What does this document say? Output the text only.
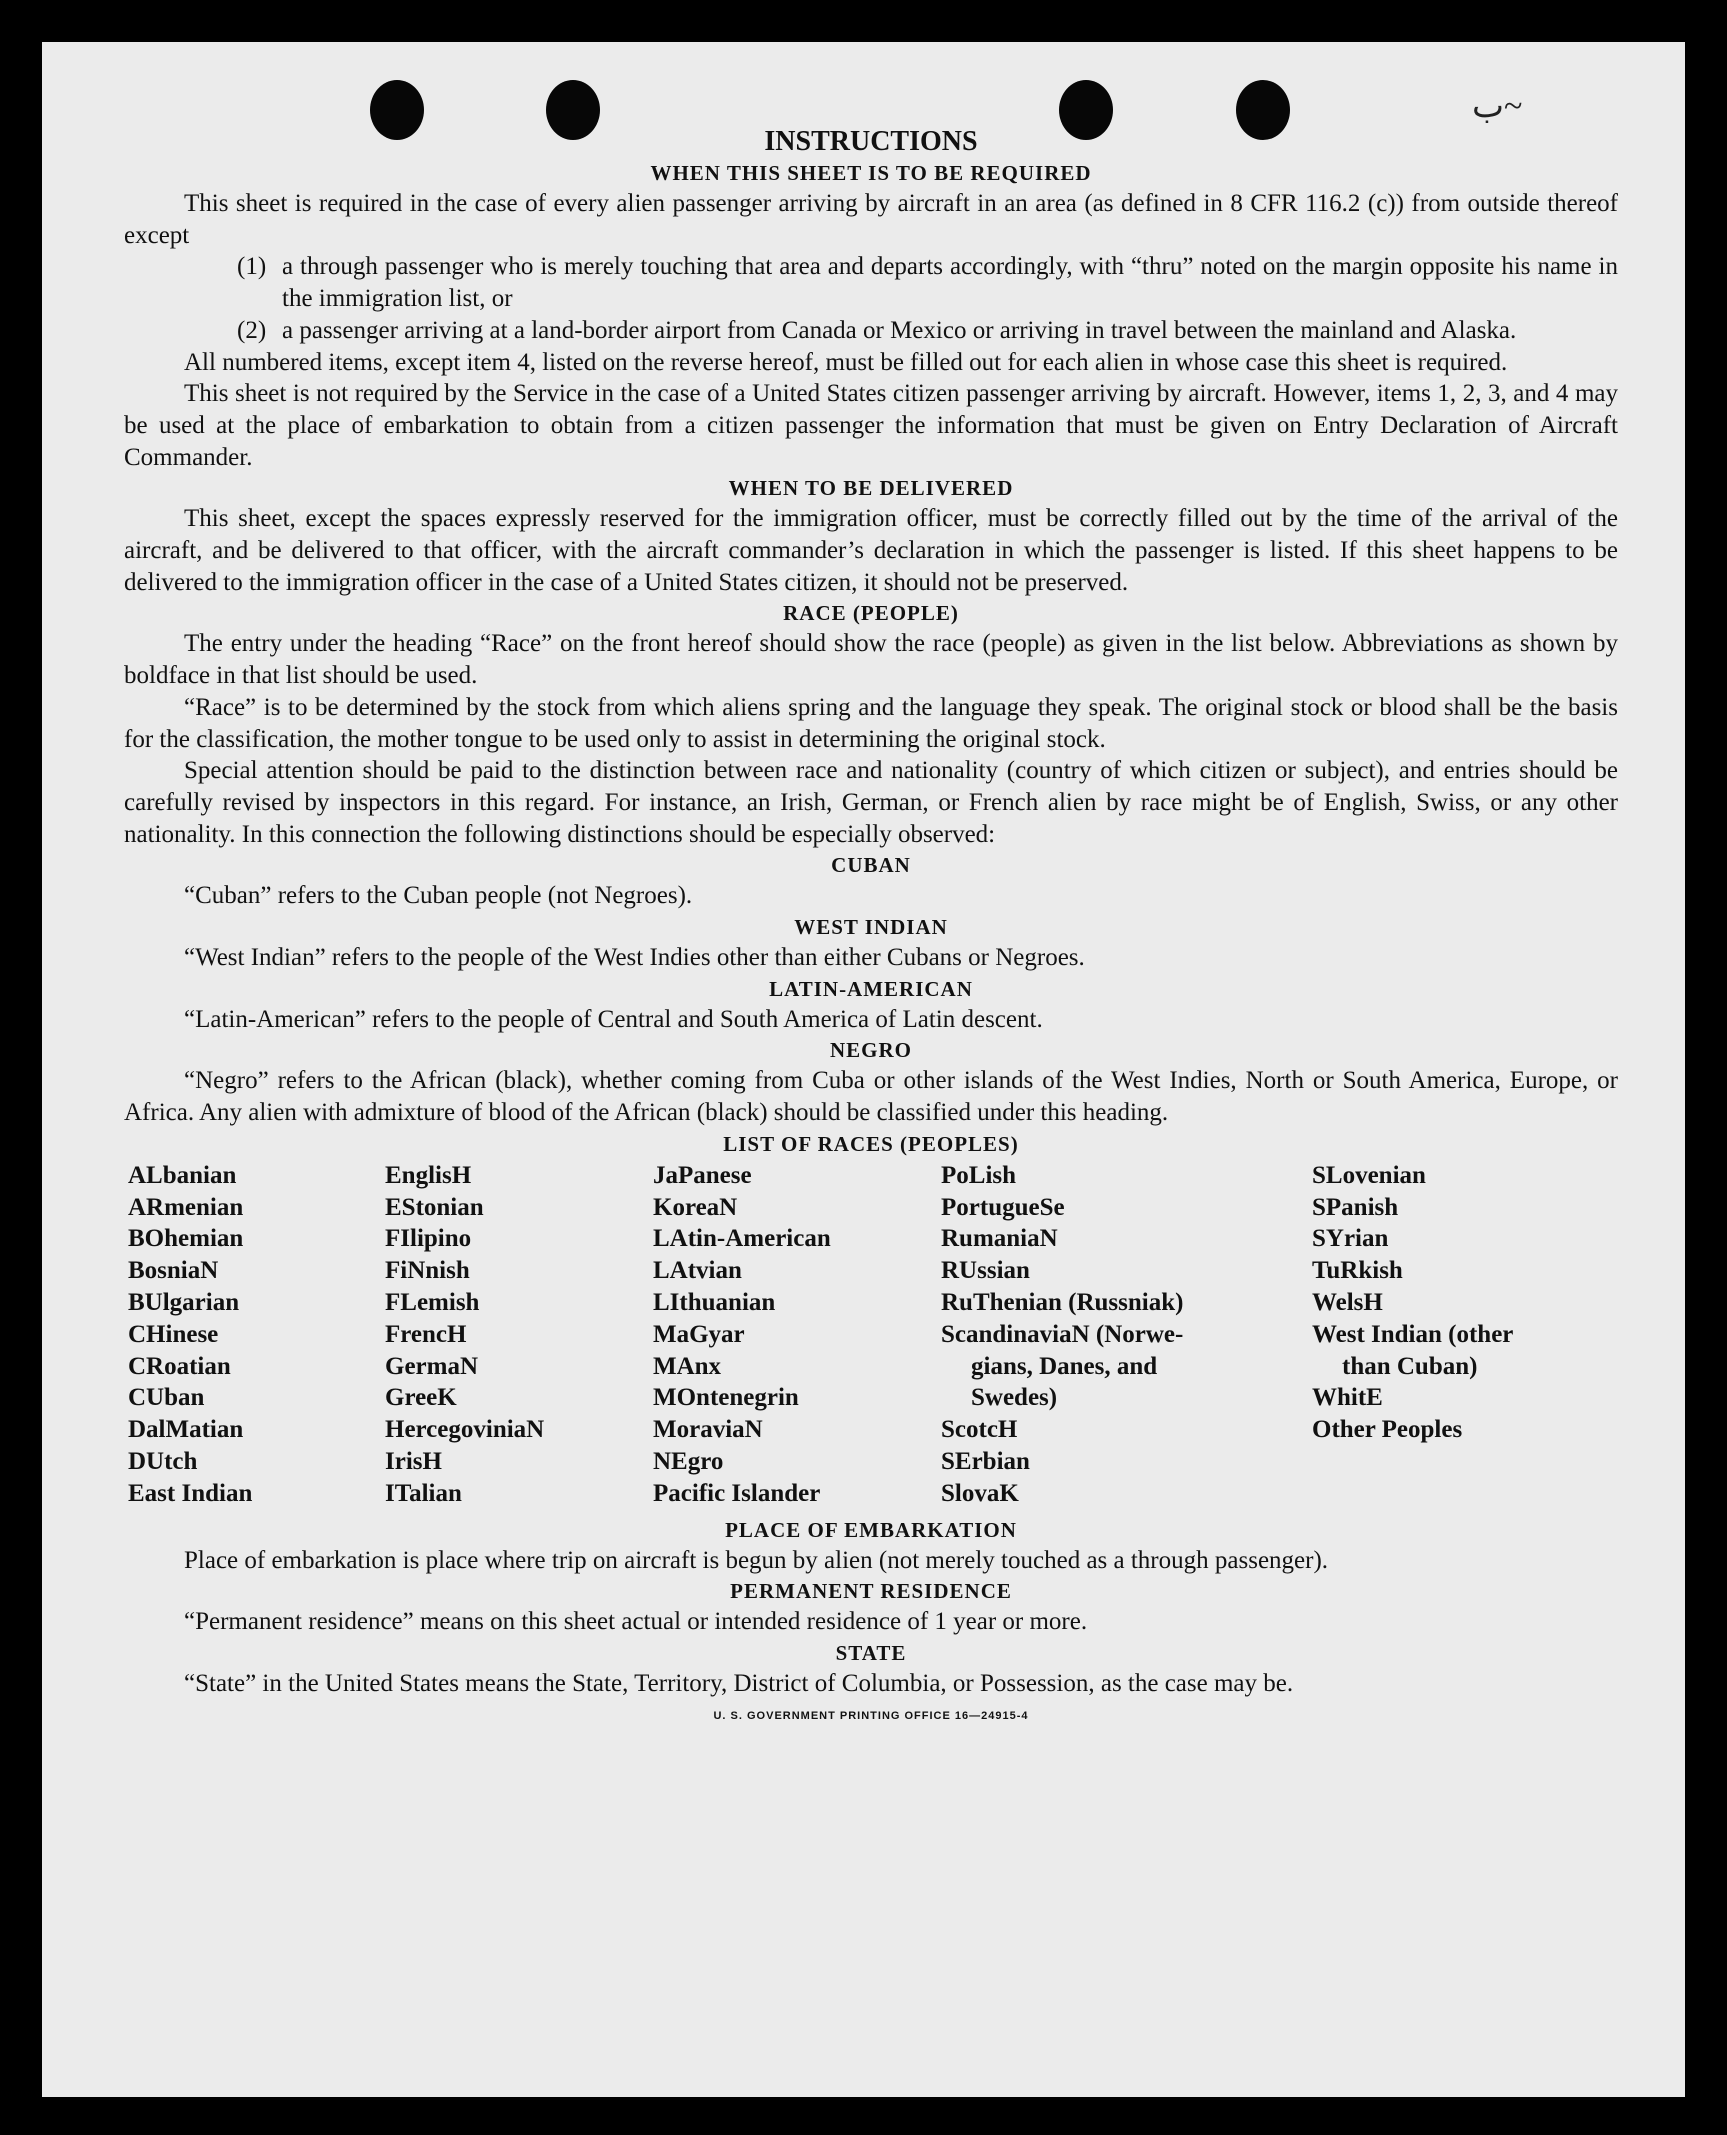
ب~
INSTRUCTIONS
WHEN THIS SHEET IS TO BE REQUIRED

This sheet is required in the case of every alien passenger arriving by aircraft in an area (as defined in 8 CFR 116.2 (c)) from outside thereof except

(1) a through passenger who is merely touching that area and departs accordingly, with “thru” noted on the margin opposite his name in the immigration list, or
(2) a passenger arriving at a land-border airport from Canada or Mexico or arriving in travel between the mainland and Alaska.

All numbered items, except item 4, listed on the reverse hereof, must be filled out for each alien in whose case this sheet is required.

This sheet is not required by the Service in the case of a United States citizen passenger arriving by aircraft. However, items 1, 2, 3, and 4 may be used at the place of embarkation to obtain from a citizen passenger the information that must be given on Entry Declaration of Aircraft Commander.

WHEN TO BE DELIVERED

This sheet, except the spaces expressly reserved for the immigration officer, must be correctly filled out by the time of the arrival of the aircraft, and be delivered to that officer, with the aircraft commander’s declaration in which the passenger is listed. If this sheet happens to be delivered to the immigration officer in the case of a United States citizen, it should not be preserved.

RACE (PEOPLE)

The entry under the heading “Race” on the front hereof should show the race (people) as given in the list below. Abbreviations as shown by boldface in that list should be used.

“Race” is to be determined by the stock from which aliens spring and the language they speak. The original stock or blood shall be the basis for the classification, the mother tongue to be used only to assist in determining the original stock.

Special attention should be paid to the distinction between race and nationality (country of which citizen or subject), and entries should be carefully revised by inspectors in this regard. For instance, an Irish, German, or French alien by race might be of English, Swiss, or any other nationality. In this connection the following distinctions should be especially observed:

CUBAN

“Cuban” refers to the Cuban people (not Negroes).

WEST INDIAN

“West Indian” refers to the people of the West Indies other than either Cubans or Negroes.

LATIN-AMERICAN

“Latin-American” refers to the people of Central and South America of Latin descent.

NEGRO

“Negro” refers to the African (black), whether coming from Cuba or other islands of the West Indies, North or South America, Europe, or Africa. Any alien with admixture of blood of the African (black) should be classified under this heading.

LIST OF RACES (PEOPLES)
ALbanian
ARmenian
BOhemian
BosniaN
BUlgarian
CHinese
CRoatian
CUban
DalMatian
DUtch
East Indian
EnglisH
EStonian
FIlipino
FiNnish
FLemish
FrencH
GermaN
GreeK
HercegoviniaN
IrisH
ITalian
JaPanese
KoreaN
LAtin-American
LAtvian
LIthuanian
MaGyar
MAnx
MOntenegrin
MoraviaN
NEgro
Pacific Islander
PoLish
PortugueSe
RumaniaN
RUssian
RuThenian (Russniak)
ScandinaviaN (Norwe-
gians, Danes, and
Swedes)
ScotcH
SErbian
SlovaK
SLovenian
SPanish
SYrian
TuRkish
WelsH
West Indian (other
than Cuban)
WhitE
Other Peoples
PLACE OF EMBARKATION

Place of embarkation is place where trip on aircraft is begun by alien (not merely touched as a through passenger).

PERMANENT RESIDENCE

“Permanent residence” means on this sheet actual or intended residence of 1 year or more.

STATE

“State” in the United States means the State, Territory, District of Columbia, or Possession, as the case may be.

U. S. GOVERNMENT PRINTING OFFICE 16—24915-4
